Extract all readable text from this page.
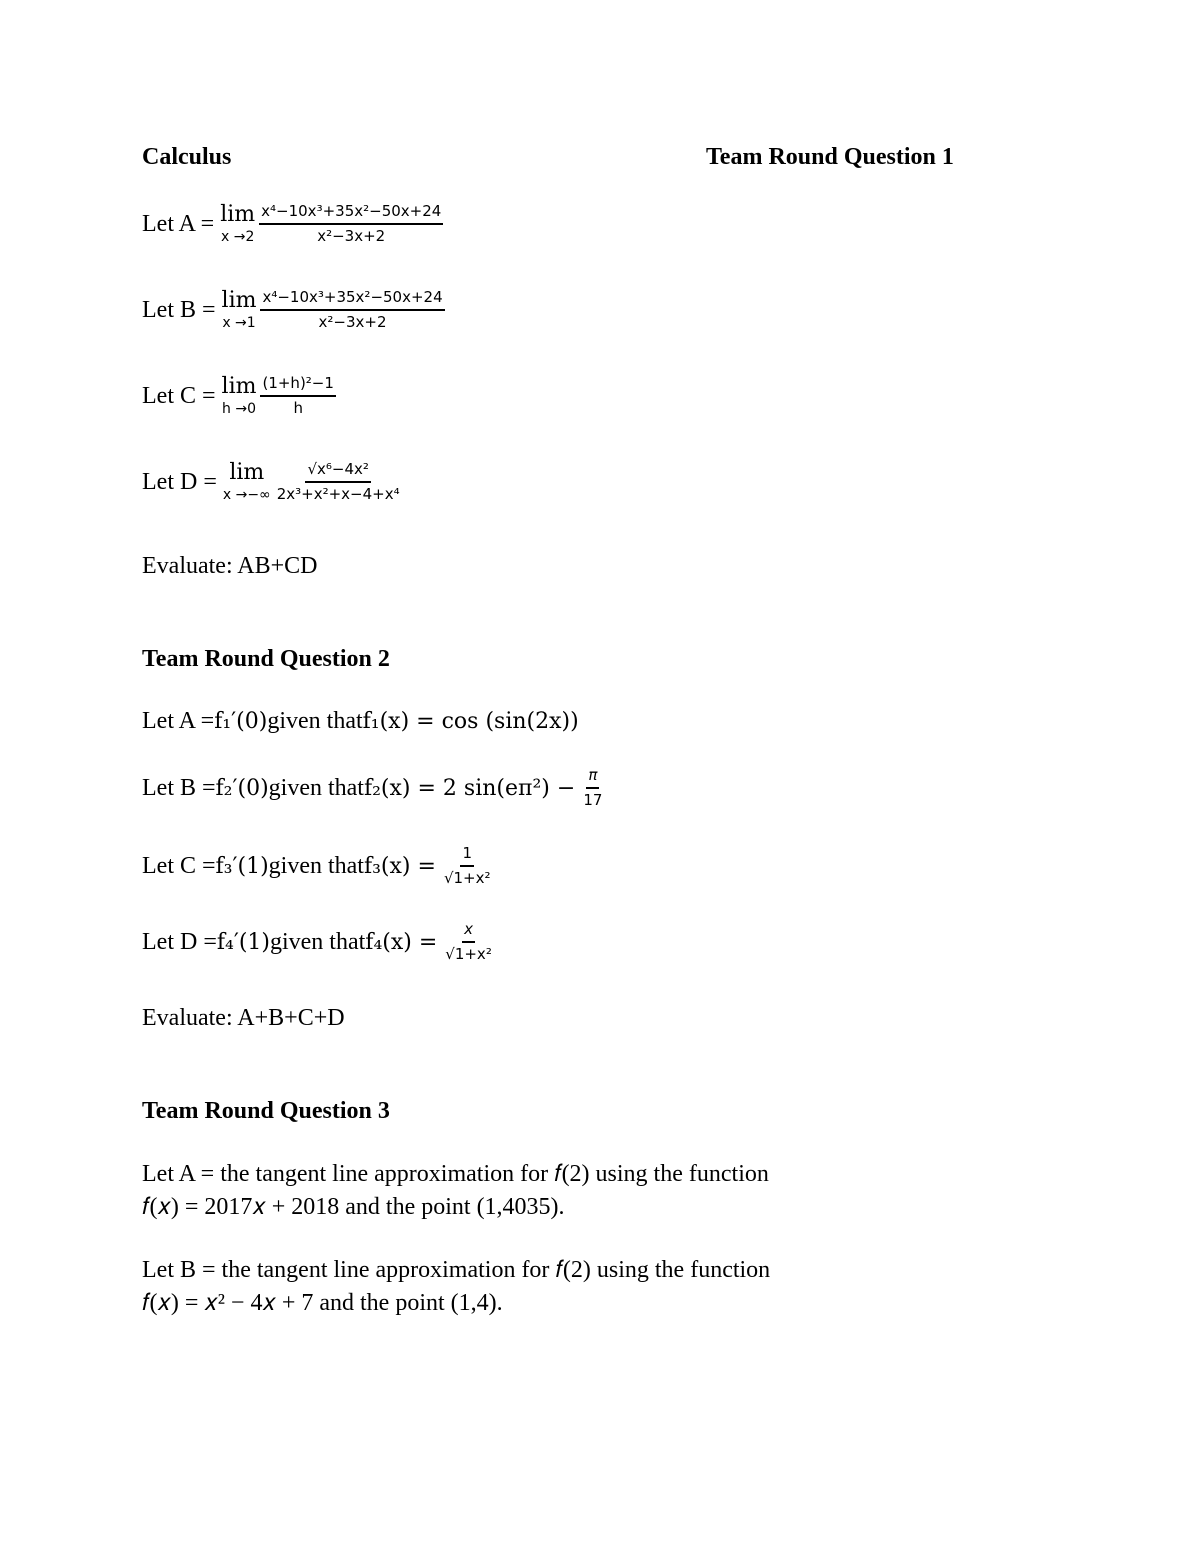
Calculus	Team Round Question 1
Let A = lim
$x \to 2 \frac{\text{x⁴−10x³+35x²−50x+24}}{\text{x²−3x+2}}$
Let B = lim
$x \to 1 \frac{\text{x⁴−10x³+35x²−50x+24}}{\text{x²−3x+2}}$
Let C = lim
$h \to 0 \frac{\text{(1+h)²−1}}{h}$
Let D = lim
x →−∞ $\frac{\text{√x⁶−4x²}}{\text{2x³+x²+x−4+x⁴}}$
Evaluate: AB+CD
Team Round Question 2
Let A = f₁′(0) given that f₁(x) = cos (sin(2x))
Let B = f₂′(0) given that f₂(x) = 2 $\sin(e\pi^2) - \frac{\pi}{17}$
Let C = f₃′(1) given that $f_3(x) = \frac{1}{\text{√1+x²}}$
Let D = f₄′(1) given that $f_4(x) = \frac{x}{\text{√1+x²}}$
Evaluate: A+B+C+D
Team Round Question 3
Let A = the tangent line approximation for 𝑓(2) using the function
𝑓(𝑥) = 2017𝑥 + 2018 and the point (1,4035).
Let B = the tangent line approximation for 𝑓(2) using the function
𝑓(𝑥) = 𝑥² − 4𝑥 + 7 and the point (1,4).
